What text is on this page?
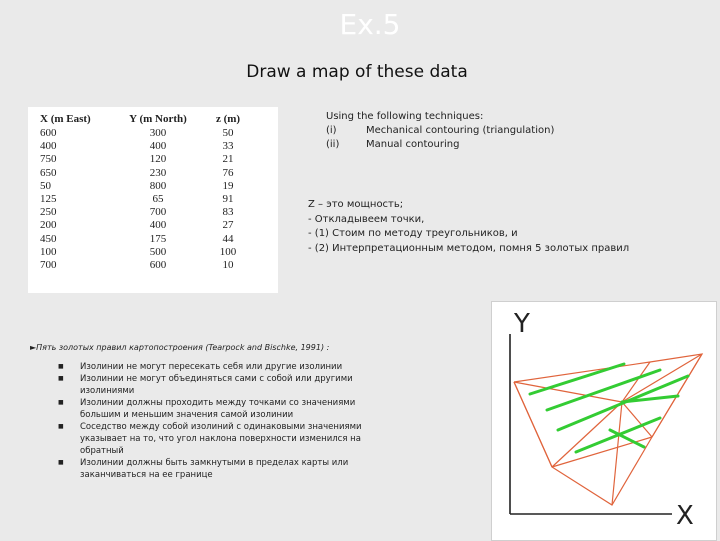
Ex.5
Draw a map of these data
X (m East)	Y (m North)	z (m)
600	300	50
400	400	33
750	120	21
650	230	76
50	800	19
125	65	91
250	700	83
200	400	27
450	175	44
100	500	100
700	600	10
Using the following techniques:
(i)	Mechanical contouring (triangulation)
(ii)	Manual contouring
Z – это мощность;
- Откладывеем точки,
- (1) Стоим по методу треугольников, и
- (2) Интерпретационным методом, помня 5 золотых правил
►Пять золотых правил картопостроения (Tearpock and Bischke, 1991) :
■ Изолинии не могут пересекать себя или другие изолинии
■ Изолинии не могут объединяться сами с собой или другими изолиниями
■ Изолинии должны проходить между точками со значениями большим и меньшим значения самой изолинии
■ Соседство между собой изолиний с одинаковыми значениями указывает на то, что угол наклона поверхности изменился на обратный
■ Изолинии должны быть замкнутыми в пределах карты или заканчиваться на ее границе
Y
X
